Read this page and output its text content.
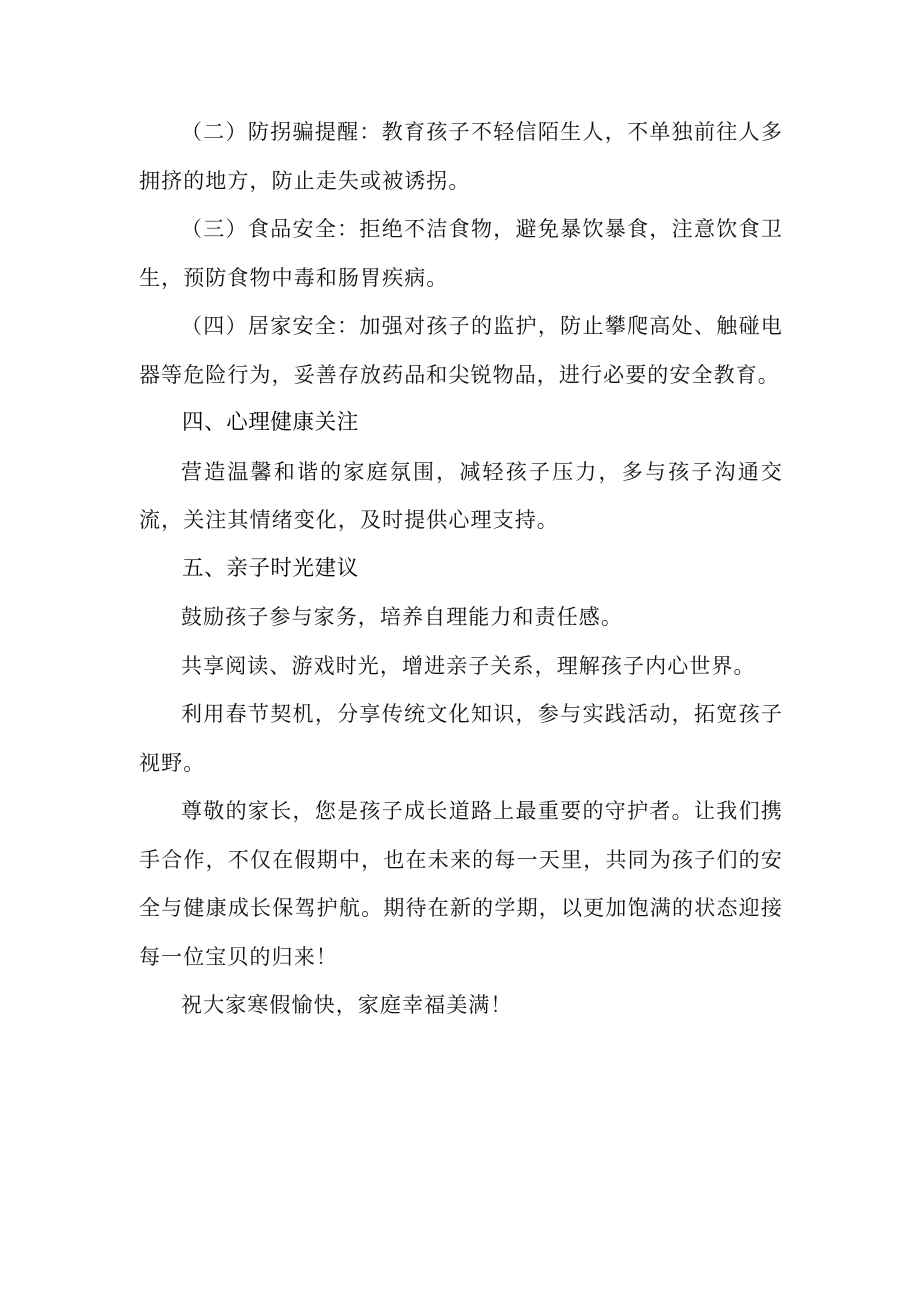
（二）防拐骗提醒：教育孩子不轻信陌生人，不单独前往人多拥挤的地方，防止走失或被诱拐。

（三）食品安全：拒绝不洁食物，避免暴饮暴食，注意饮食卫生，预防食物中毒和肠胃疾病。

（四）居家安全：加强对孩子的监护，防止攀爬高处、触碰电器等危险行为，妥善存放药品和尖锐物品，进行必要的安全教育。

四、心理健康关注

营造温馨和谐的家庭氛围，减轻孩子压力，多与孩子沟通交流，关注其情绪变化，及时提供心理支持。

五、亲子时光建议

鼓励孩子参与家务，培养自理能力和责任感。

共享阅读、游戏时光，增进亲子关系，理解孩子内心世界。

利用春节契机，分享传统文化知识，参与实践活动，拓宽孩子视野。

尊敬的家长，您是孩子成长道路上最重要的守护者。让我们携手合作，不仅在假期中，也在未来的每一天里，共同为孩子们的安全与健康成长保驾护航。期待在新的学期，以更加饱满的状态迎接每一位宝贝的归来！

祝大家寒假愉快，家庭幸福美满！
